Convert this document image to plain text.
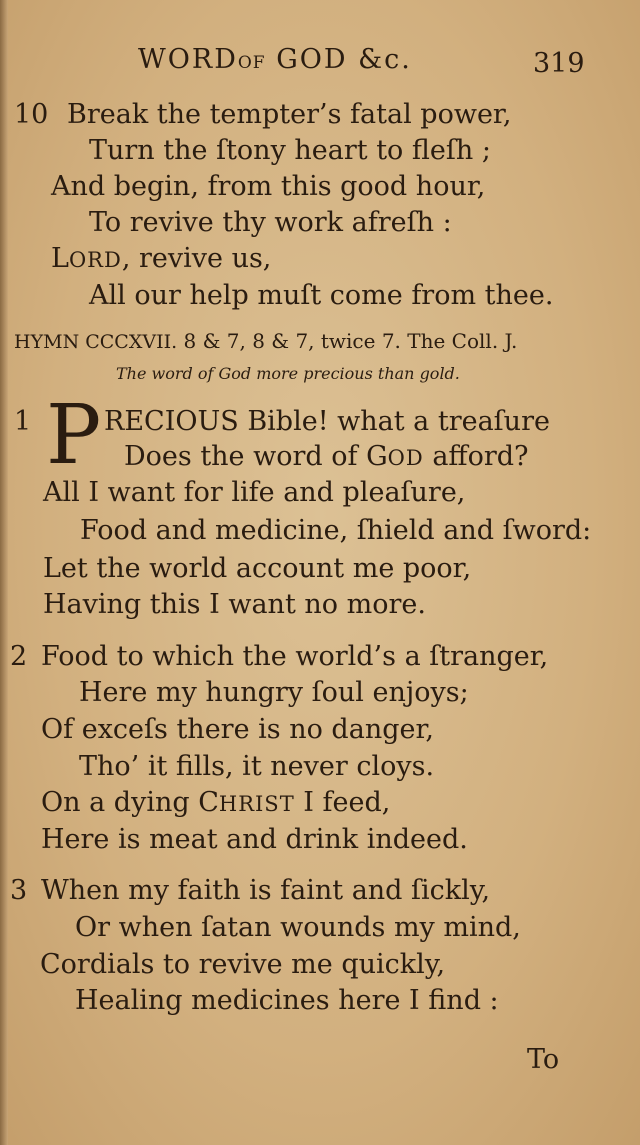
WORDOF GOD &c.	319
10 Break the tempter’s fatal power,
Turn the ſtony heart to fleſh ;
And begin, from this good hour,
To revive thy work afreſh :
LORD, revive us,
All our help muſt come from thee.
HYMN CCCXVII. 8 & 7, 8 & 7, twice 7. The Coll. J.
The word of God more precious than gold.
1 P RECIOUS Bible! what a treaſure
Does the word of GOD afford?
All I want for life and pleaſure,
Food and medicine, ſhield and ſword:
Let the world account me poor,
Having this I want no more.
2 Food to which the world’s a ſtranger,
Here my hungry ſoul enjoys;
Of exceſs there is no danger,
Tho’ it fills, it never cloys.
On a dying CHRIST I feed,
Here is meat and drink indeed.
3 When my faith is faint and ſickly,
Or when ſatan wounds my mind,
Cordials to revive me quickly,
Healing medicines here I find :
To
